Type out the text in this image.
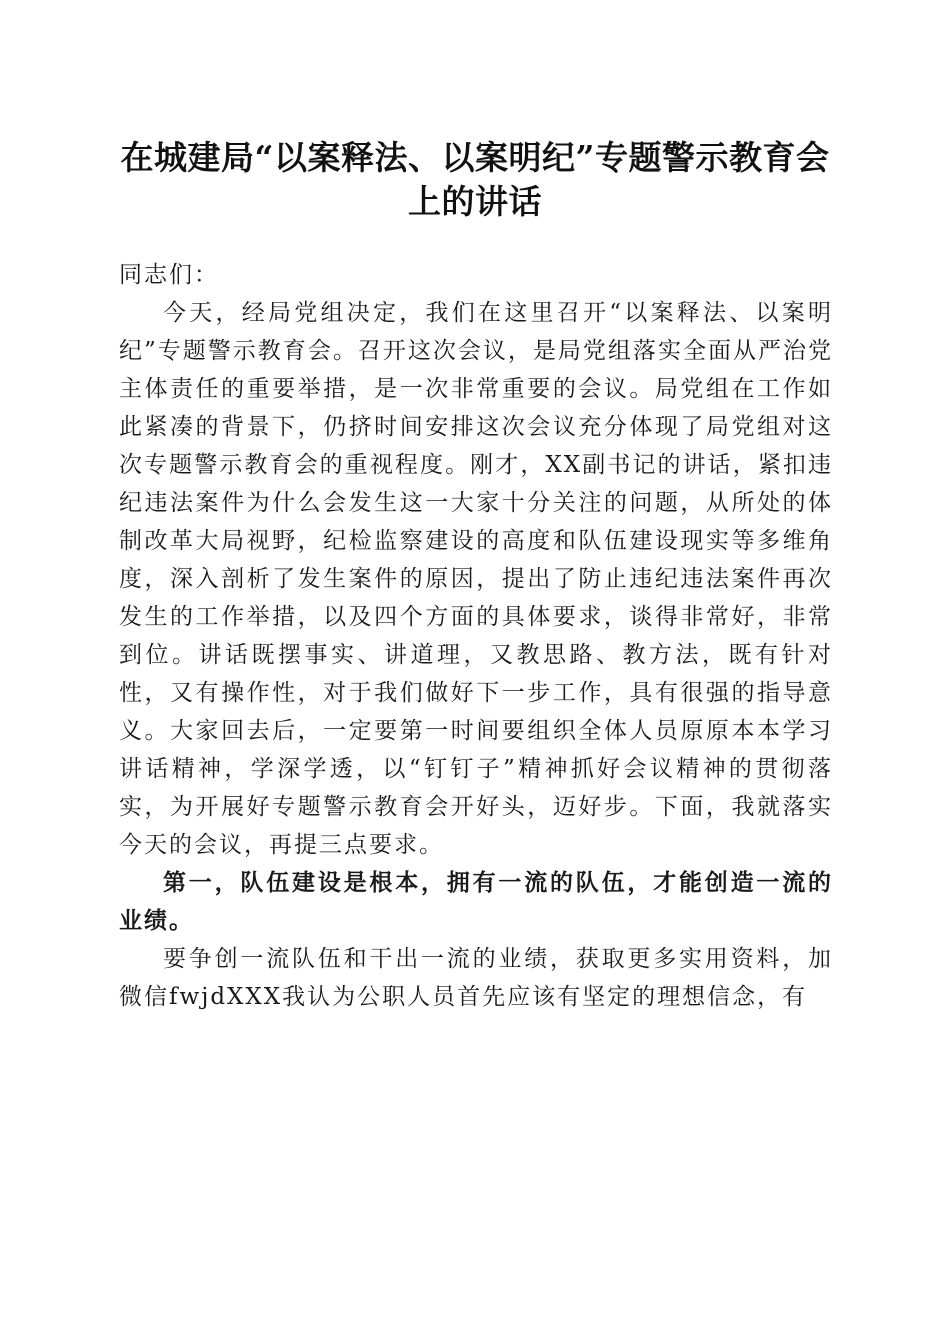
在城建局“以案释法、以案明纪”专题警示教育会上的讲话

同志们：

今天，经局党组决定，我们在这里召开“以案释法、以案明纪”专题警示教育会。召开这次会议，是局党组落实全面从严治党主体责任的重要举措，是一次非常重要的会议。局党组在工作如此紧凑的背景下，仍挤时间安排这次会议充分体现了局党组对这次专题警示教育会的重视程度。刚才，XX副书记的讲话，紧扣违纪违法案件为什么会发生这一大家十分关注的问题，从所处的体制改革大局视野，纪检监察建设的高度和队伍建设现实等多维角度，深入剖析了发生案件的原因，提出了防止违纪违法案件再次发生的工作举措，以及四个方面的具体要求，谈得非常好，非常到位。讲话既摆事实、讲道理，又教思路、教方法，既有针对性，又有操作性，对于我们做好下一步工作，具有很强的指导意义。大家回去后，一定要第一时间要组织全体人员原原本本学习讲话精神，学深学透，以“钉钉子”精神抓好会议精神的贯彻落实，为开展好专题警示教育会开好头，迈好步。下面，我就落实今天的会议，再提三点要求。

第一，队伍建设是根本，拥有一流的队伍，才能创造一流的业绩。

要争创一流队伍和干出一流的业绩，获取更多实用资料，加微信fwjdXXX我认为公职人员首先应该有坚定的理想信念，有
